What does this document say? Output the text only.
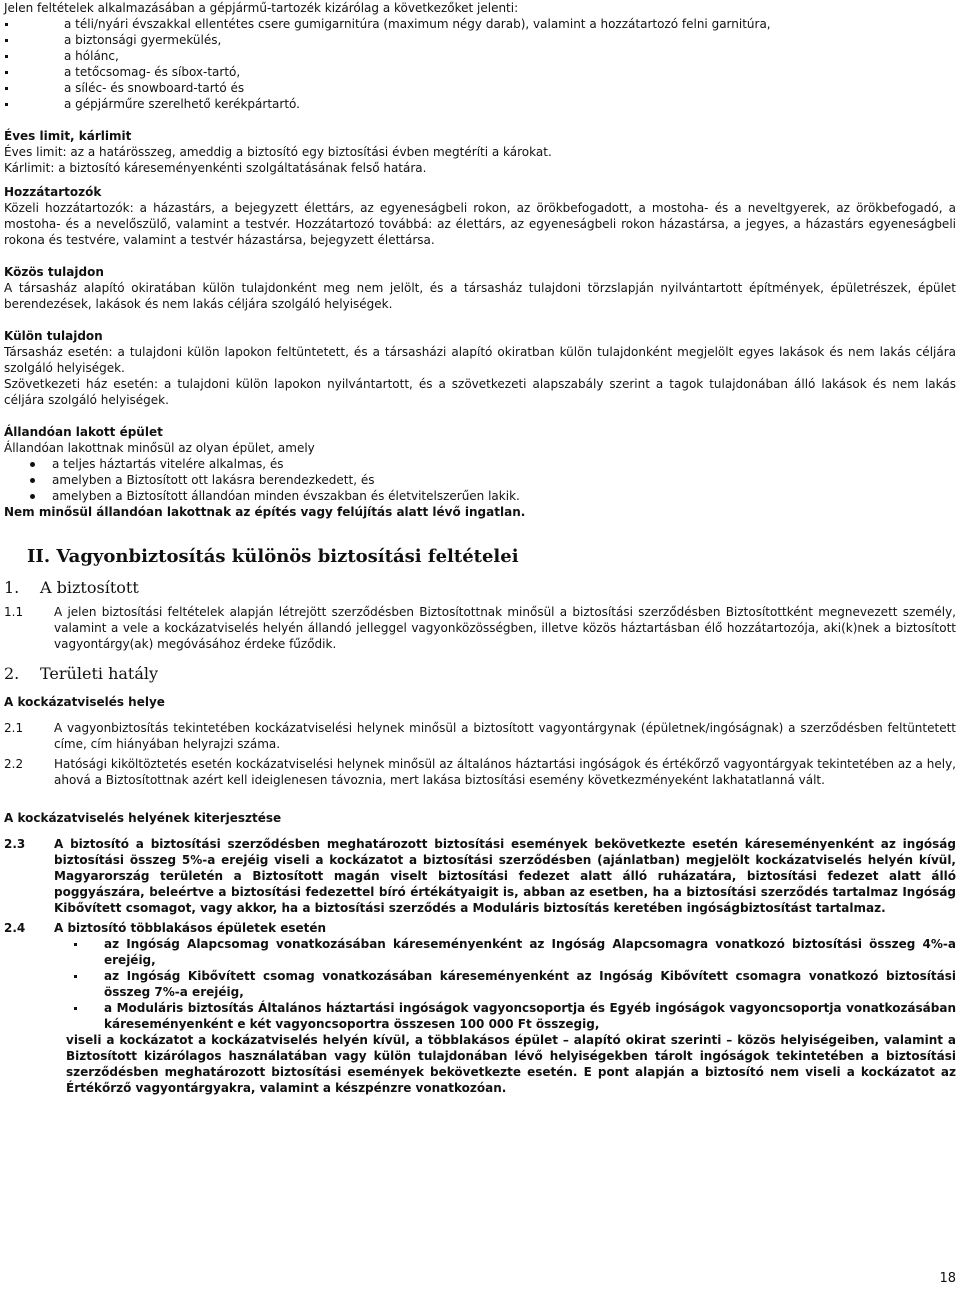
Jelen feltételek alkalmazásában a gépjármű-tartozék kizárólag a következőket jelenti:

a téli/nyári évszakkal ellentétes csere gumigarnitúra (maximum négy darab), valamint a hozzátartozó felni garnitúra,
a biztonsági gyermekülés,
a hólánc,
a tetőcsomag- és síbox-tartó,
a síléc- és snowboard-tartó és
a gépjárműre szerelhető kerékpártartó.

Éves limit, kárlimit

Éves limit: az a határösszeg, ameddig a biztosító egy biztosítási évben megtéríti a károkat.

Kárlimit: a biztosító káreseményenkénti szolgáltatásának felső határa.

Hozzátartozók

Közeli hozzátartozók: a házastárs, a bejegyzett élettárs, az egyeneságbeli rokon, az örökbefogadott, a mostoha- és a neveltgyerek, az örökbefogadó, a mostoha- és a nevelőszülő, valamint a testvér. Hozzátartozó továbbá: az élettárs, az egyeneságbeli rokon házastársa, a jegyes, a házastárs egyeneságbeli rokona és testvére, valamint a testvér házastársa, bejegyzett élettársa.

Közös tulajdon

A társasház alapító okiratában külön tulajdonként meg nem jelölt, és a társasház tulajdoni törzslapján nyilvántartott építmények, épületrészek, épület berendezések, lakások és nem lakás céljára szolgáló helyiségek.

Külön tulajdon

Társasház esetén: a tulajdoni külön lapokon feltüntetett, és a társasházi alapító okiratban külön tulajdonként megjelölt egyes lakások és nem lakás céljára szolgáló helyiségek.

Szövetkezeti ház esetén: a tulajdoni külön lapokon nyilvántartott, és a szövetkezeti alapszabály szerint a tagok tulajdonában álló lakások és nem lakás céljára szolgáló helyiségek.

Állandóan lakott épület

Állandóan lakottnak minősül az olyan épület, amely

a teljes háztartás vitelére alkalmas, és
amelyben a Biztosított ott lakásra berendezkedett, és
amelyben a Biztosított állandóan minden évszakban és életvitelszerűen lakik.

Nem minősül állandóan lakottnak az építés vagy felújítás alatt lévő ingatlan.

II. Vagyonbiztosítás különös biztosítási feltételei

1. A biztosított

1.1	A jelen biztosítási feltételek alapján létrejött szerződésben Biztosítottnak minősül a biztosítási szerződésben Biztosítottként megnevezett személy, valamint a vele a kockázatviselés helyén állandó jelleggel vagyonközösségben, illetve közös háztartásban élő hozzátartozója, aki(k)nek a biztosított vagyontárgy(ak) megóvásához érdeke fűződik.

2. Területi hatály

A kockázatviselés helye

2.1	A vagyonbiztosítás tekintetében kockázatviselési helynek minősül a biztosított vagyontárgynak (épületnek/ingóságnak) a szerződésben feltüntetett címe, cím hiányában helyrajzi száma.
2.2	Hatósági kiköltöztetés esetén kockázatviselési helynek minősül az általános háztartási ingóságok és értékőrző vagyontárgyak tekintetében az a hely, ahová a Biztosítottnak azért kell ideiglenesen távoznia, mert lakása biztosítási esemény következményeként lakhatatlanná vált.

A kockázatviselés helyének kiterjesztése

2.3 A biztosító a biztosítási szerződésben meghatározott biztosítási események bekövetkezte esetén káreseményenként az ingóság biztosítási összeg 5%-a erejéig viseli a kockázatot a biztosítási szerződésben (ajánlatban) megjelölt kockázatviselés helyén kívül, Magyarország területén a Biztosított magán viselt biztosítási fedezet alatt álló ruházatára, biztosítási fedezet alatt álló poggyászára, beleértve a biztosítási fedezettel bíró értékátyaigit is, abban az esetben, ha a biztosítási szerződés tartalmaz Ingóság Kibővített csomagot, vagy akkor, ha a biztosítási szerződés a Moduláris biztosítás keretében ingóságbiztosítást tartalmaz.
2.4 A biztosító többlakásos épületek esetén
az Ingóság Alapcsomag vonatkozásában káreseményenként az Ingóság Alapcsomagra vonatkozó biztosítási összeg 4%-a erejéig,
az Ingóság Kibővített csomag vonatkozásában káreseményenként az Ingóság Kibővített csomagra vonatkozó biztosítási összeg 7%-a erejéig,
a Moduláris biztosítás Általános háztartási ingóságok vagyoncsoportja és Egyéb ingóságok vagyoncsoportja vonatkozásában káreseményenként e két vagyoncsoportra összesen 100 000 Ft összegig,

viseli a kockázatot a kockázatviselés helyén kívül, a többlakásos épület – alapító okirat szerinti – közös helyiségeiben, valamint a Biztosított kizárólagos használatában vagy külön tulajdonában lévő helyiségekben tárolt ingóságok tekintetében a biztosítási szerződésben meghatározott biztosítási események bekövetkezte esetén. E pont alapján a biztosító nem viseli a kockázatot az Értékőrző vagyontárgyakra, valamint a készpénzre vonatkozóan.

18
